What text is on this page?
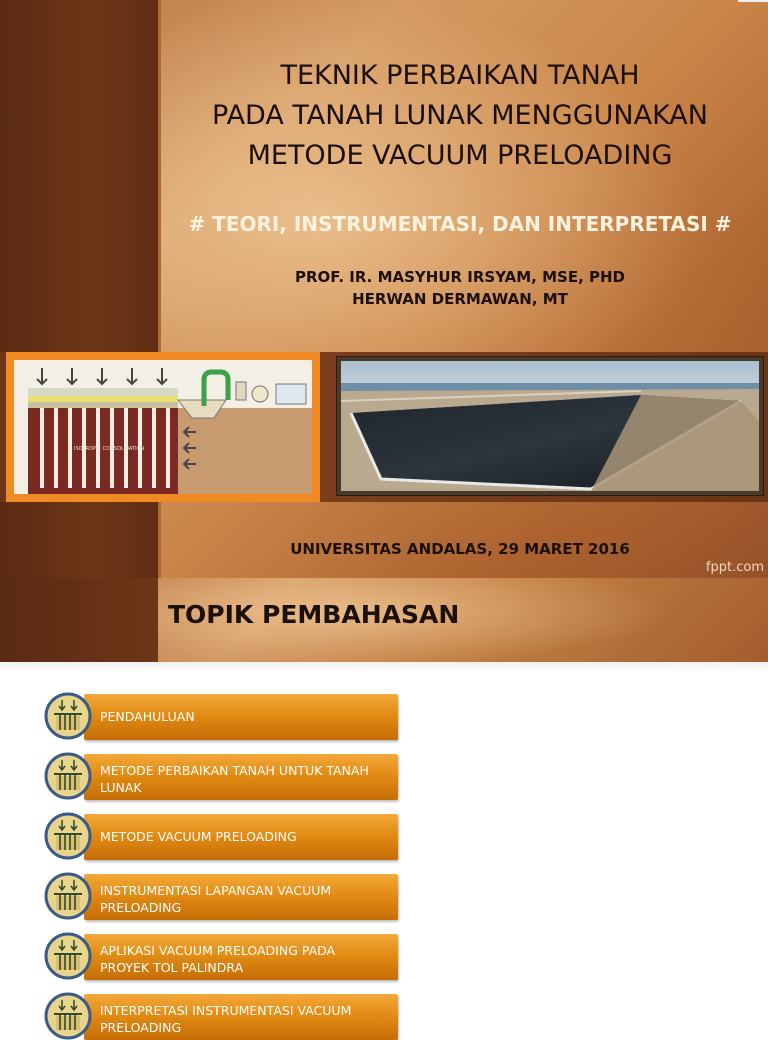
TEKNIK PERBAIKAN TANAH
PADA TANAH LUNAK MENGGUNAKAN
METODE VACUUM PRELOADING
# TEORI, INSTRUMENTASI, DAN INTERPRETASI #
PROF. IR. MASYHUR IRSYAM, MSE, PHD
HERWAN DERMAWAN, MT
ISOTROPIC CONSOLIDATION
UNIVERSITAS ANDALAS, 29 MARET 2016
fppt.com
TOPIK PEMBAHASAN
PENDAHULUAN
METODE PERBAIKAN TANAH UNTUK TANAH LUNAK
METODE VACUUM PRELOADING
INSTRUMENTASI LAPANGAN VACUUM PRELOADING
APLIKASI VACUUM PRELOADING PADA PROYEK TOL PALINDRA
INTERPRETASI INSTRUMENTASI VACUUM PRELOADING
